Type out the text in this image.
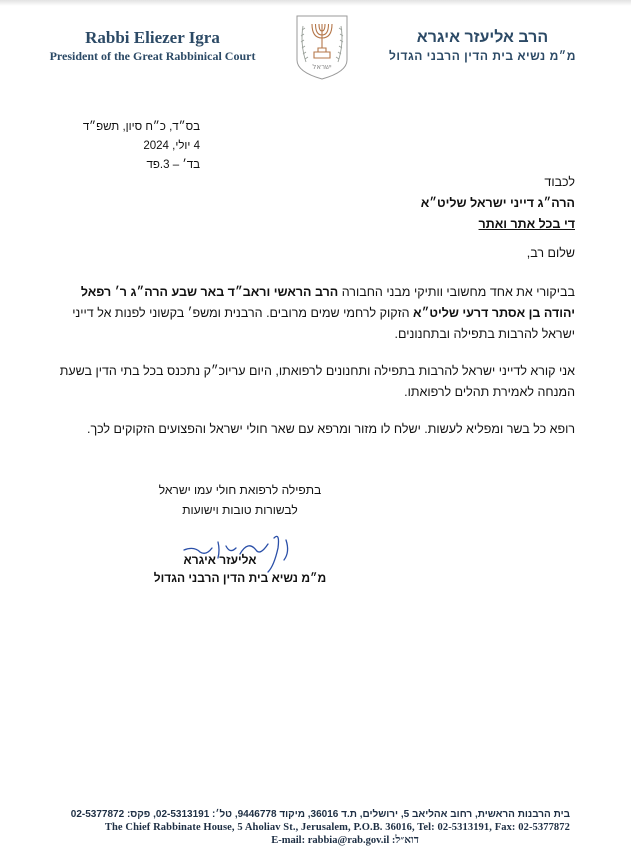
Rabbi Eliezer Igra
President of the Great Rabbinical Court
ישראל
הרב אליעזר איגרא
מ״מ נשיא בית הדין הרבני הגדול
בס״ד, כ״ח סיון, תשפ״ד
4 יולי, 2024
בד׳ – 3.פד
לכבוד
הרה״ג דייני ישראל שליט״א
די בכל אתר ואתר

שלום רב,

בביקורי את אחד מחשובי וותיקי מבני החבורה הרב הראשי וראב״ד באר שבע הרה״ג ר׳ רפאל יהודה בן אסתר דרעי שליט״א הזקוק לרחמי שמים מרובים. הרבנית ומשפ׳ בקשוני לפנות אל דייני ישראל להרבות בתפילה ובתחנונים.

אני קורא לדייני ישראל להרבות בתפילה ותחנונים לרפואתו, היום עריוכ״ק נתכנס בכל בתי הדין בשעת המנחה לאמירת תהלים לרפואתו.

רופא כל בשר ומפליא לעשות. ישלח לו מזור ומרפא עם שאר חולי ישראל והפצועים הזקוקים לכך.

בתפילה לרפואת חולי עמו ישראל
לבשורות טובות וישועות
אליעזר איגרא
מ״מ נשיא בית הדין הרבני הגדול
בית הרבנות הראשית, רחוב אהליאב 5, ירושלים, ת.ד 36016, מיקוד 9446778, טל׳: 02-5313191, פקס: 02-5377872
The Chief Rabbinate House, 5 Aholiav St., Jerusalem, P.O.B. 36016, Tel: 02-5313191, Fax: 02-5377872
E-mail: rabbia@rab.gov.il :דוא״ל
